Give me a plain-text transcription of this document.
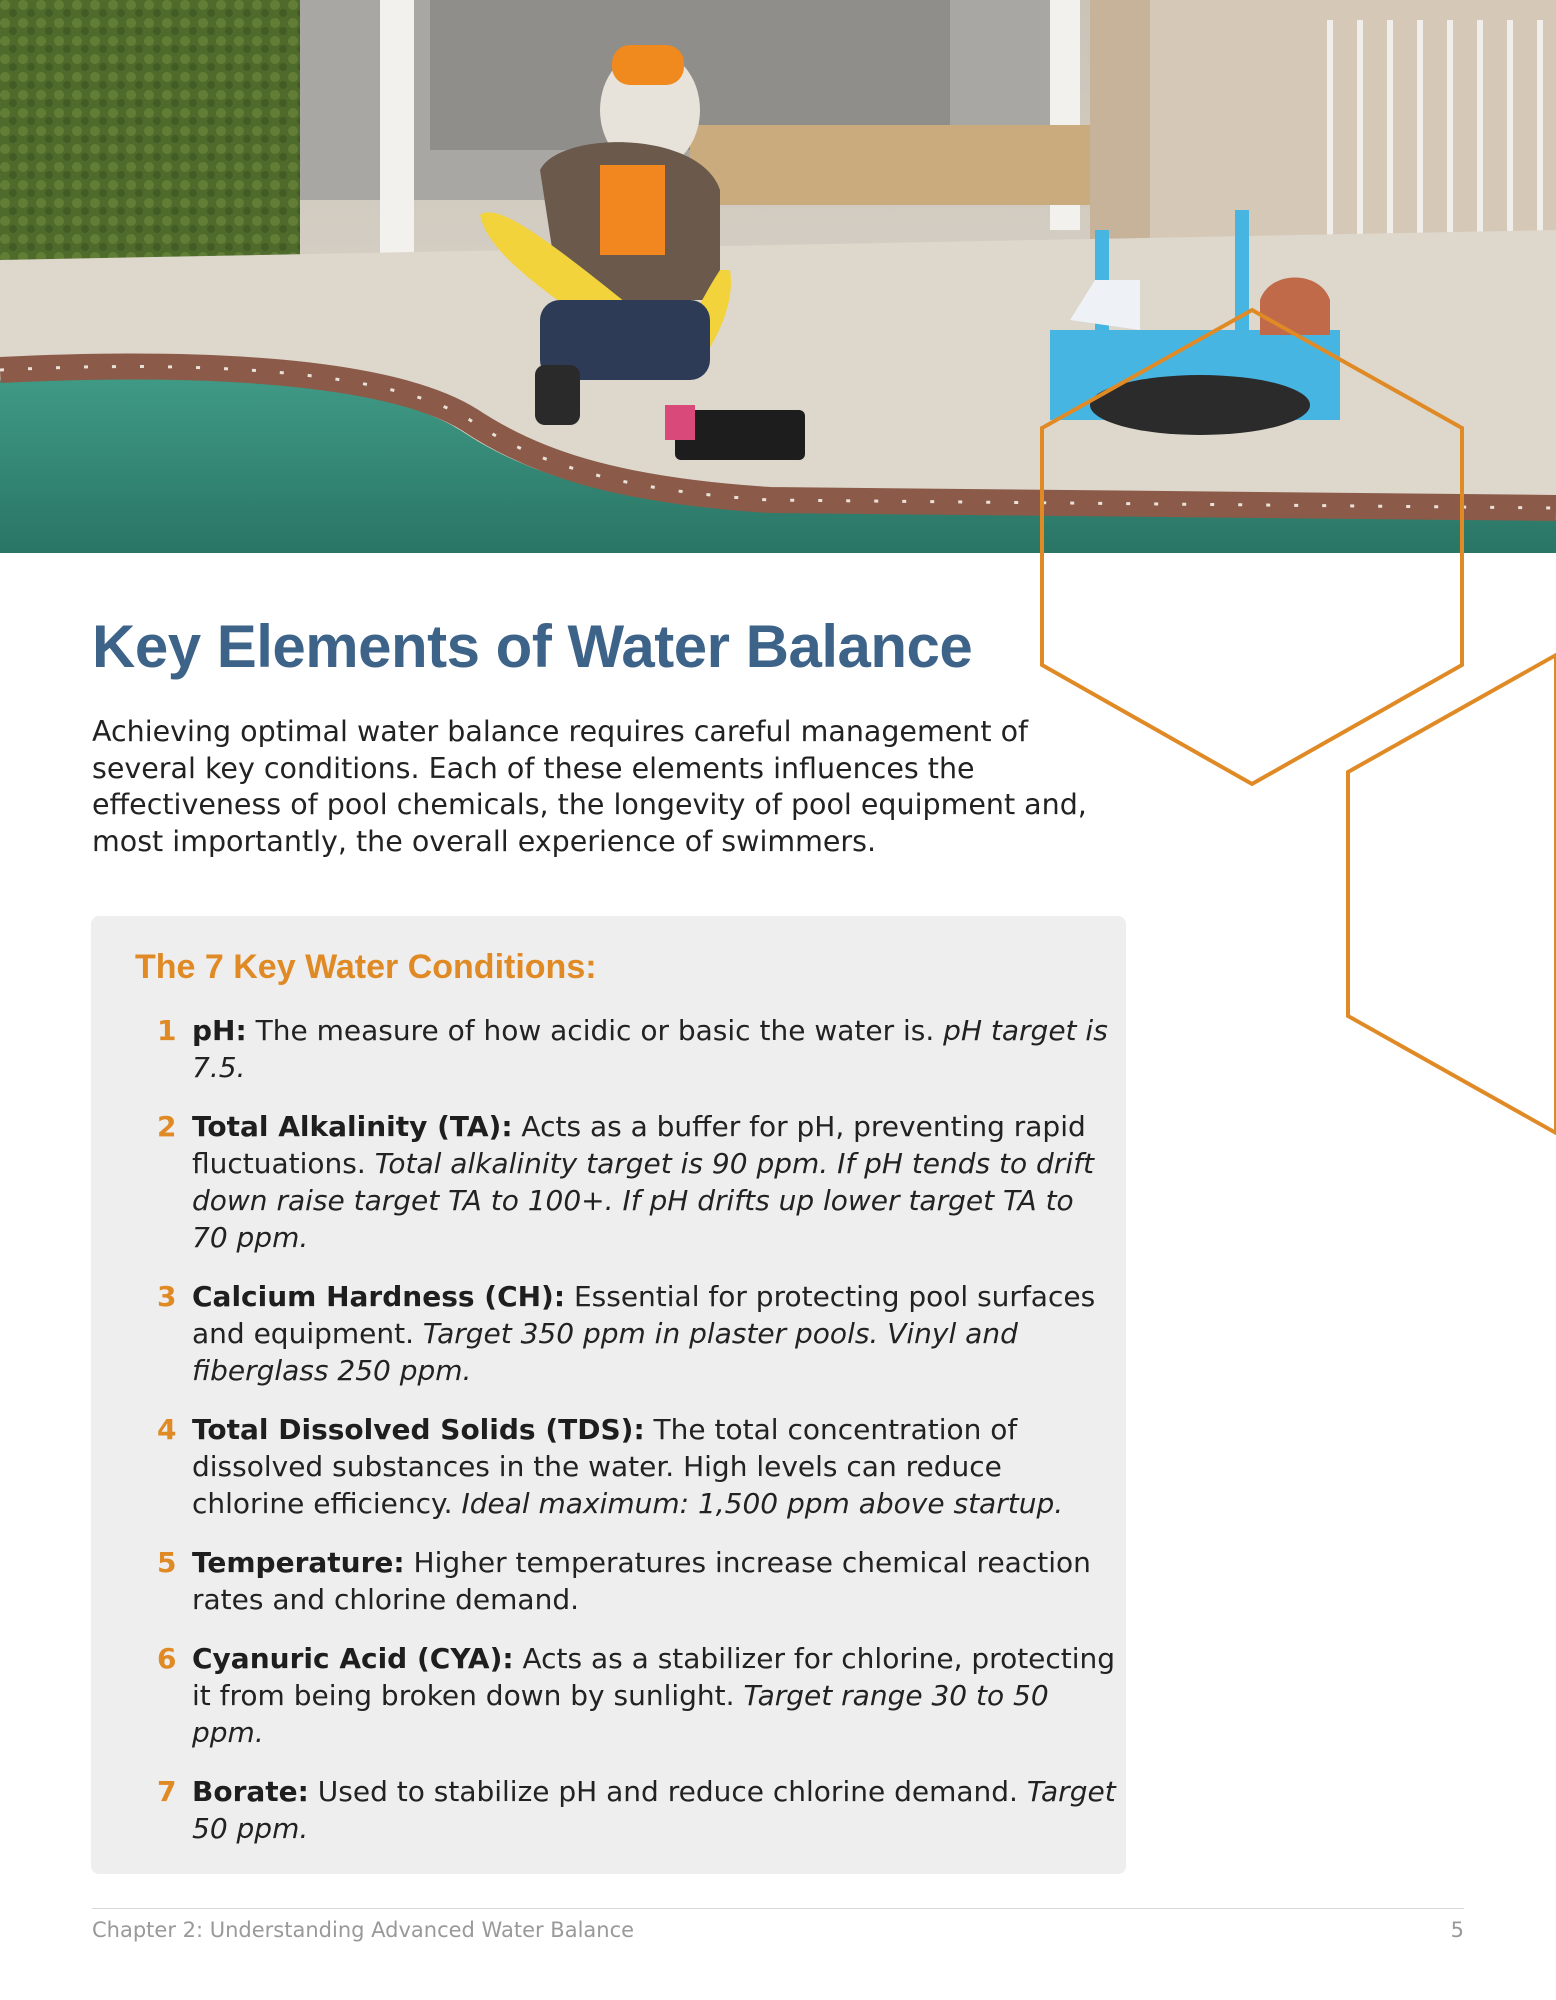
Key Elements of Water Balance

Achieving optimal water balance requires careful management of several key conditions. Each of these elements influences the effectiveness of pool chemicals, the longevity of pool equipment and, most importantly, the overall experience of swimmers.

The 7 Key Water Conditions:
1 pH: The measure of how acidic or basic the water is. pH target is 7.5.
2 Total Alkalinity (TA): Acts as a buffer for pH, preventing rapid fluctuations. Total alkalinity target is 90 ppm. If pH tends to drift down raise target TA to 100+. If pH drifts up lower target TA to 70 ppm.
3 Calcium Hardness (CH): Essential for protecting pool surfaces and equipment. Target 350 ppm in plaster pools. Vinyl and fiberglass 250 ppm.
4 Total Dissolved Solids (TDS): The total concentration of dissolved substances in the water. High levels can reduce chlorine efficiency. Ideal maximum: 1,500 ppm above startup.
5 Temperature: Higher temperatures increase chemical reaction rates and chlorine demand.
6 Cyanuric Acid (CYA): Acts as a stabilizer for chlorine, protecting it from being broken down by sunlight. Target range 30 to 50 ppm.
7 Borate: Used to stabilize pH and reduce chlorine demand. Target 50 ppm.
Chapter 2: Understanding Advanced Water Balance	5
